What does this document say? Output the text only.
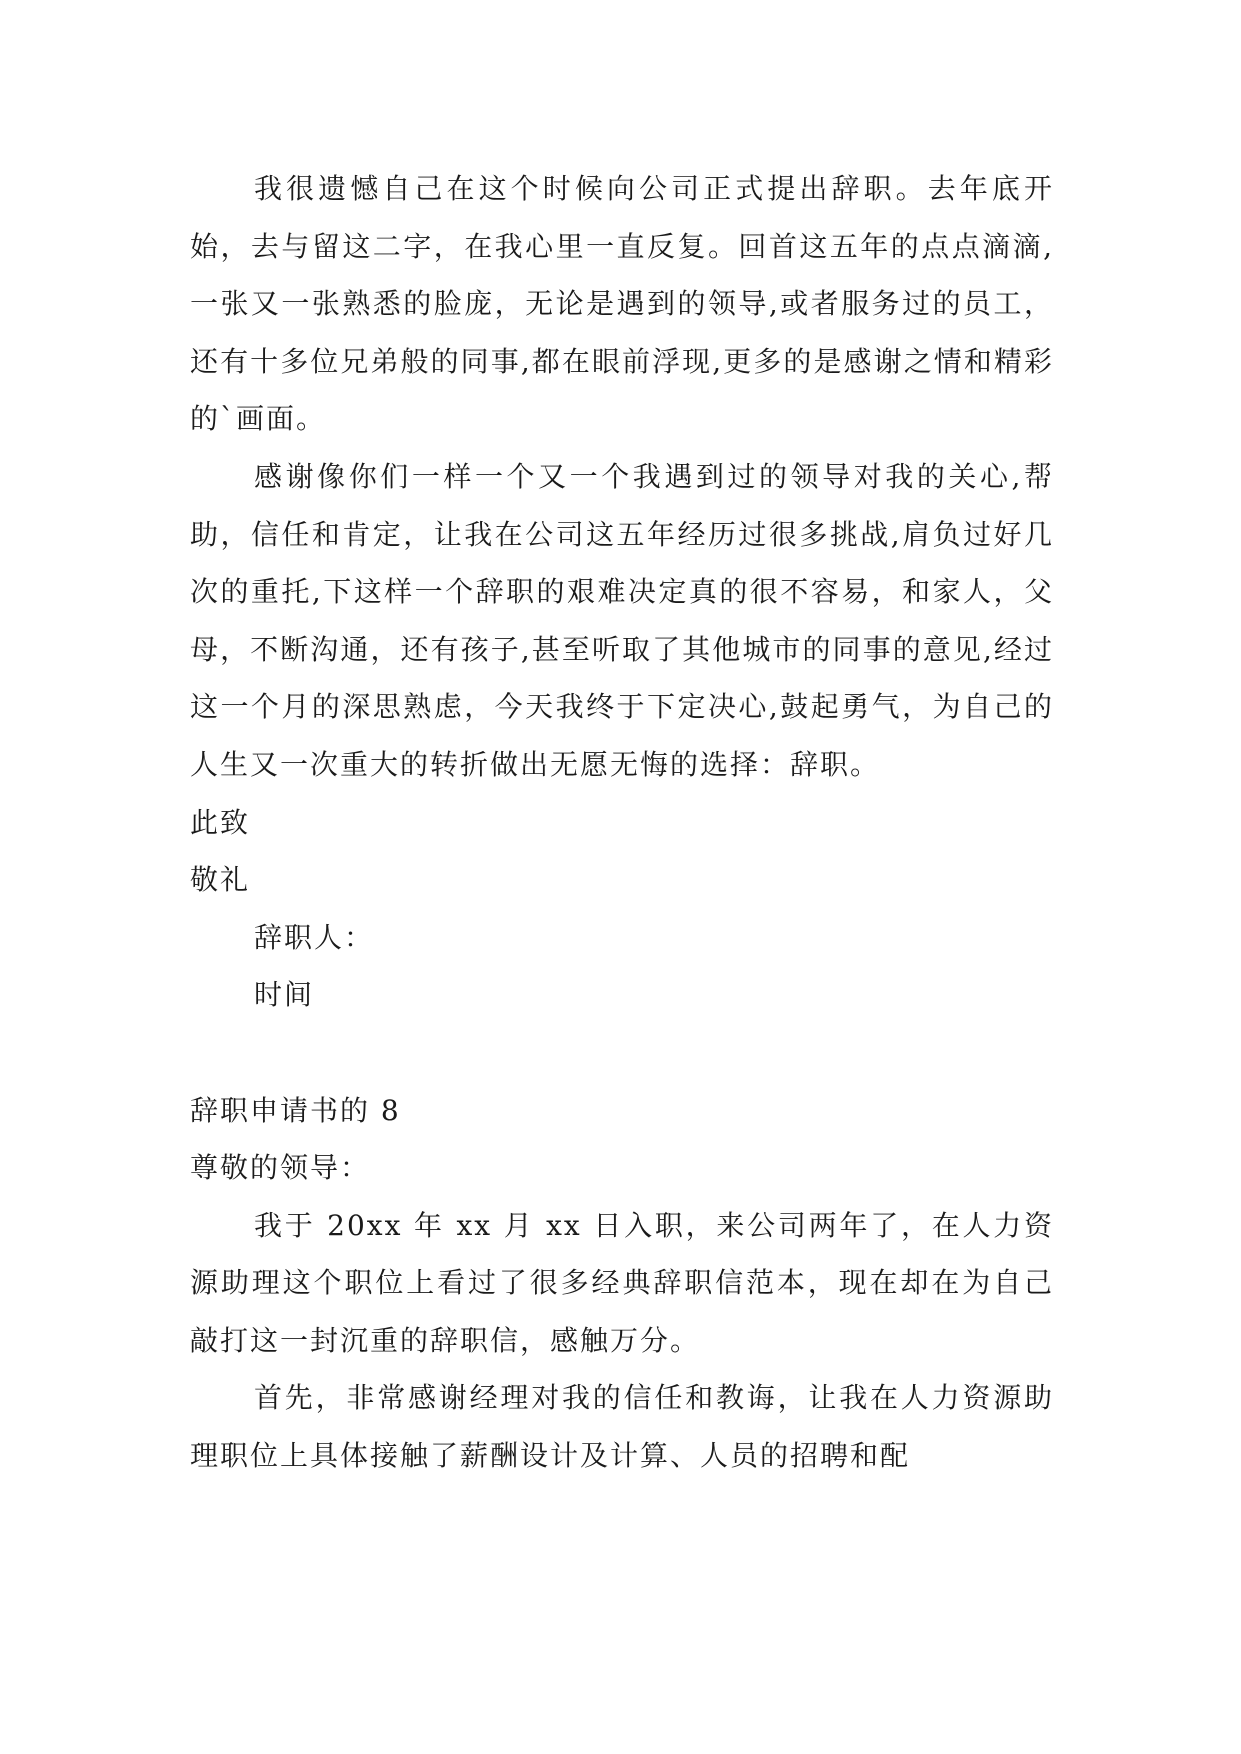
我很遗憾自己在这个时候向公司正式提出辞职。去年底开始，去与留这二字，在我心里一直反复。回首这五年的点点滴滴,一张又一张熟悉的脸庞，无论是遇到的领导,或者服务过的员工，还有十多位兄弟般的同事,都在眼前浮现,更多的是感谢之情和精彩的`画面。

感谢像你们一样一个又一个我遇到过的领导对我的关心,帮助，信任和肯定，让我在公司这五年经历过很多挑战,肩负过好几次的重托,下这样一个辞职的艰难决定真的很不容易，和家人，父母，不断沟通，还有孩子,甚至听取了其他城市的同事的意见,经过这一个月的深思熟虑，今天我终于下定决心,鼓起勇气，为自己的人生又一次重大的转折做出无愿无悔的选择：辞职。

此致

敬礼

辞职人：

时间

辞职申请书的 8

尊敬的领导：

我于 20xx 年 xx 月 xx 日入职，来公司两年了，在人力资源助理这个职位上看过了很多经典辞职信范本，现在却在为自己敲打这一封沉重的辞职信，感触万分。

首先，非常感谢经理对我的信任和教诲，让我在人力资源助理职位上具体接触了薪酬设计及计算、人员的招聘和配
